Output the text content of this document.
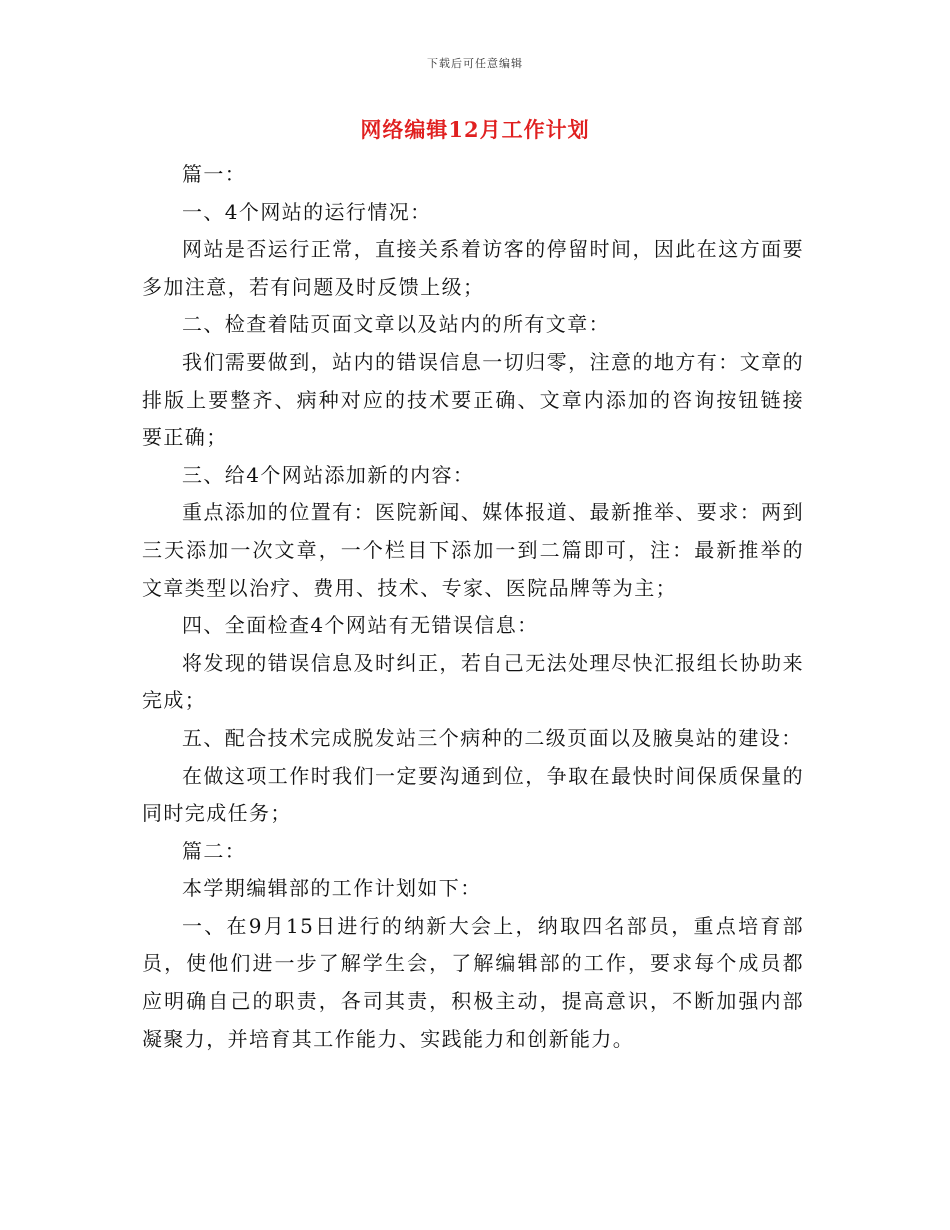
下载后可任意编辑
网络编辑12月工作计划

篇一：

一、4个网站的运行情况：

网站是否运行正常，直接关系着访客的停留时间，因此在这方面要多加注意，若有问题及时反馈上级；

二、检查着陆页面文章以及站内的所有文章：

我们需要做到，站内的错误信息一切归零，注意的地方有：文章的排版上要整齐、病种对应的技术要正确、文章内添加的咨询按钮链接要正确；

三、给4个网站添加新的内容：

重点添加的位置有：医院新闻、媒体报道、最新推举、要求：两到三天添加一次文章，一个栏目下添加一到二篇即可，注：最新推举的文章类型以治疗、费用、技术、专家、医院品牌等为主；

四、全面检查4个网站有无错误信息：

将发现的错误信息及时纠正，若自己无法处理尽快汇报组长协助来完成；

五、配合技术完成脱发站三个病种的二级页面以及腋臭站的建设：

在做这项工作时我们一定要沟通到位，争取在最快时间保质保量的同时完成任务；

篇二：

本学期编辑部的工作计划如下：

一、在9月15日进行的纳新大会上，纳取四名部员，重点培育部员，使他们进一步了解学生会，了解编辑部的工作，要求每个成员都应明确自己的职责，各司其责，积极主动，提高意识，不断加强内部凝聚力，并培育其工作能力、实践能力和创新能力。
